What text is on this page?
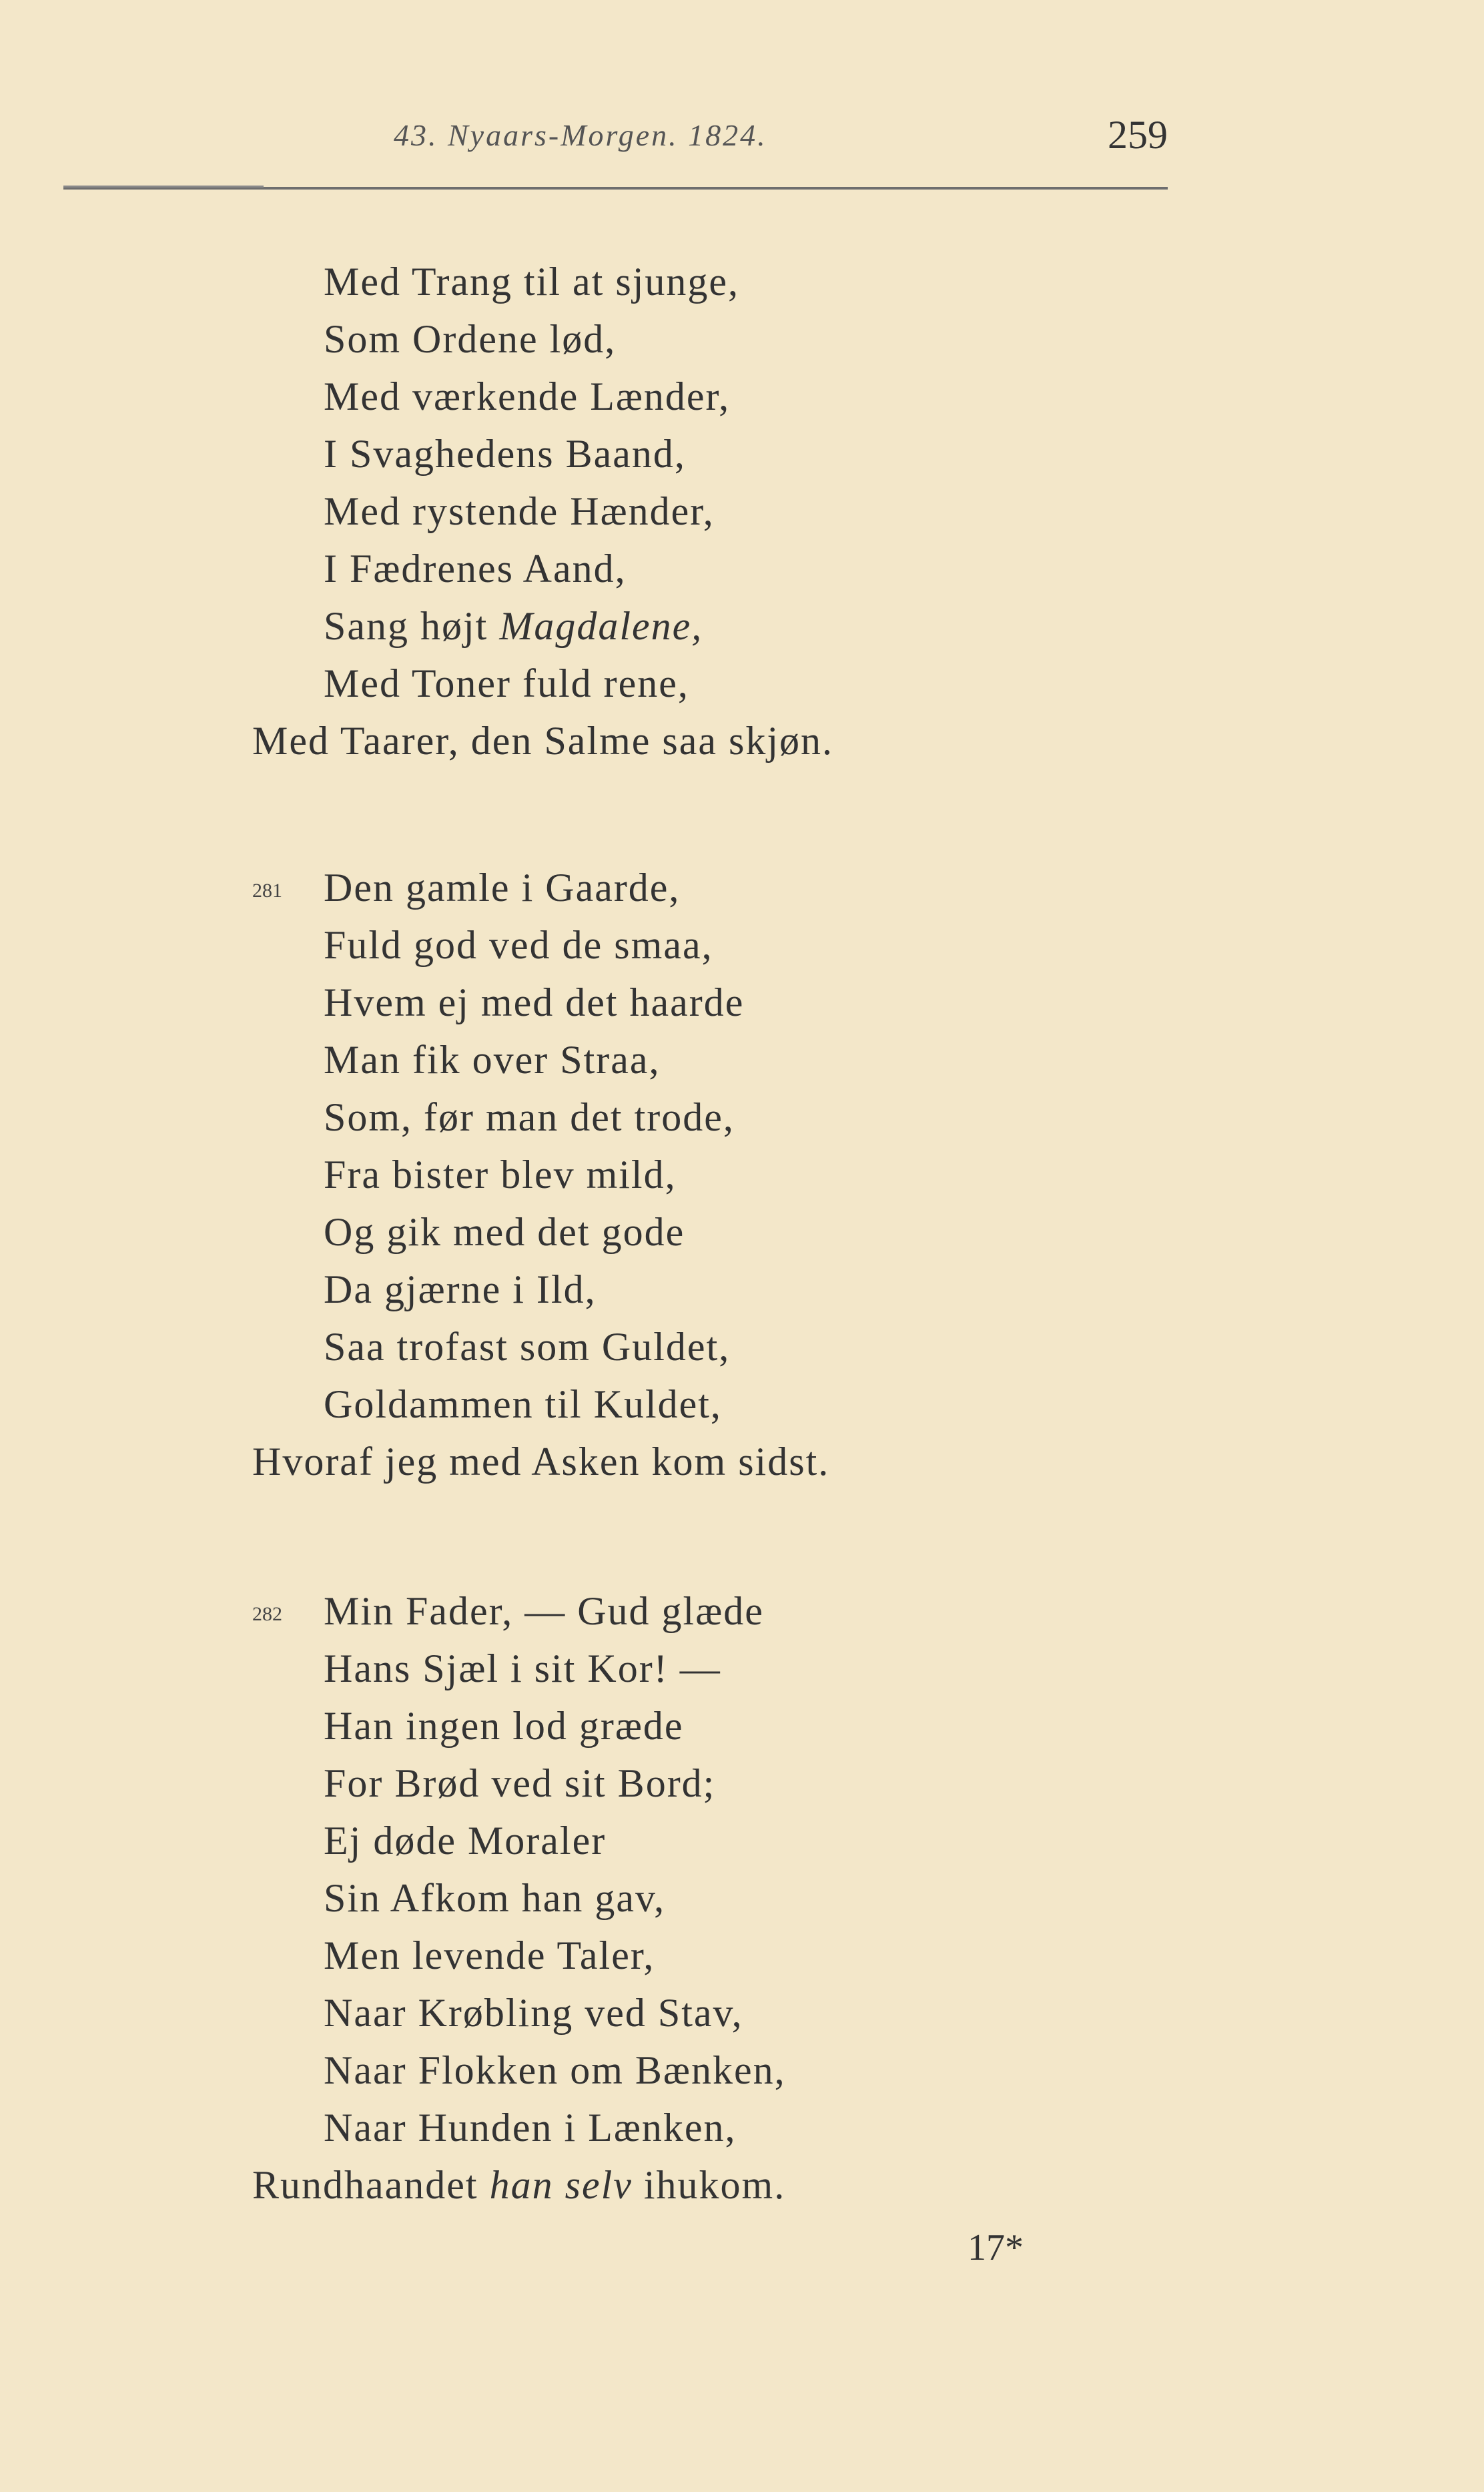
43. Nyaars-Morgen. 1824.	259
Med Trang til at sjunge,
Som Ordene lød,
Med værkende Lænder,
I Svaghedens Baand,
Med rystende Hænder,
I Fædrenes Aand,
Sang højt Magdalene,
Med Toner fuld rene,
Med Taarer, den Salme saa skjøn.
281 Den gamle i Gaarde,
Fuld god ved de smaa,
Hvem ej med det haarde
Man fik over Straa,
Som, før man det trode,
Fra bister blev mild,
Og gik med det gode
Da gjærne i Ild,
Saa trofast som Guldet,
Goldammen til Kuldet,
Hvoraf jeg med Asken kom sidst.
282 Min Fader, — Gud glæde
Hans Sjæl i sit Kor! —
Han ingen lod græde
For Brød ved sit Bord;
Ej døde Moraler
Sin Afkom han gav,
Men levende Taler,
Naar Krøbling ved Stav,
Naar Flokken om Bænken,
Naar Hunden i Lænken,
Rundhaandet han selv ihukom.
17*
